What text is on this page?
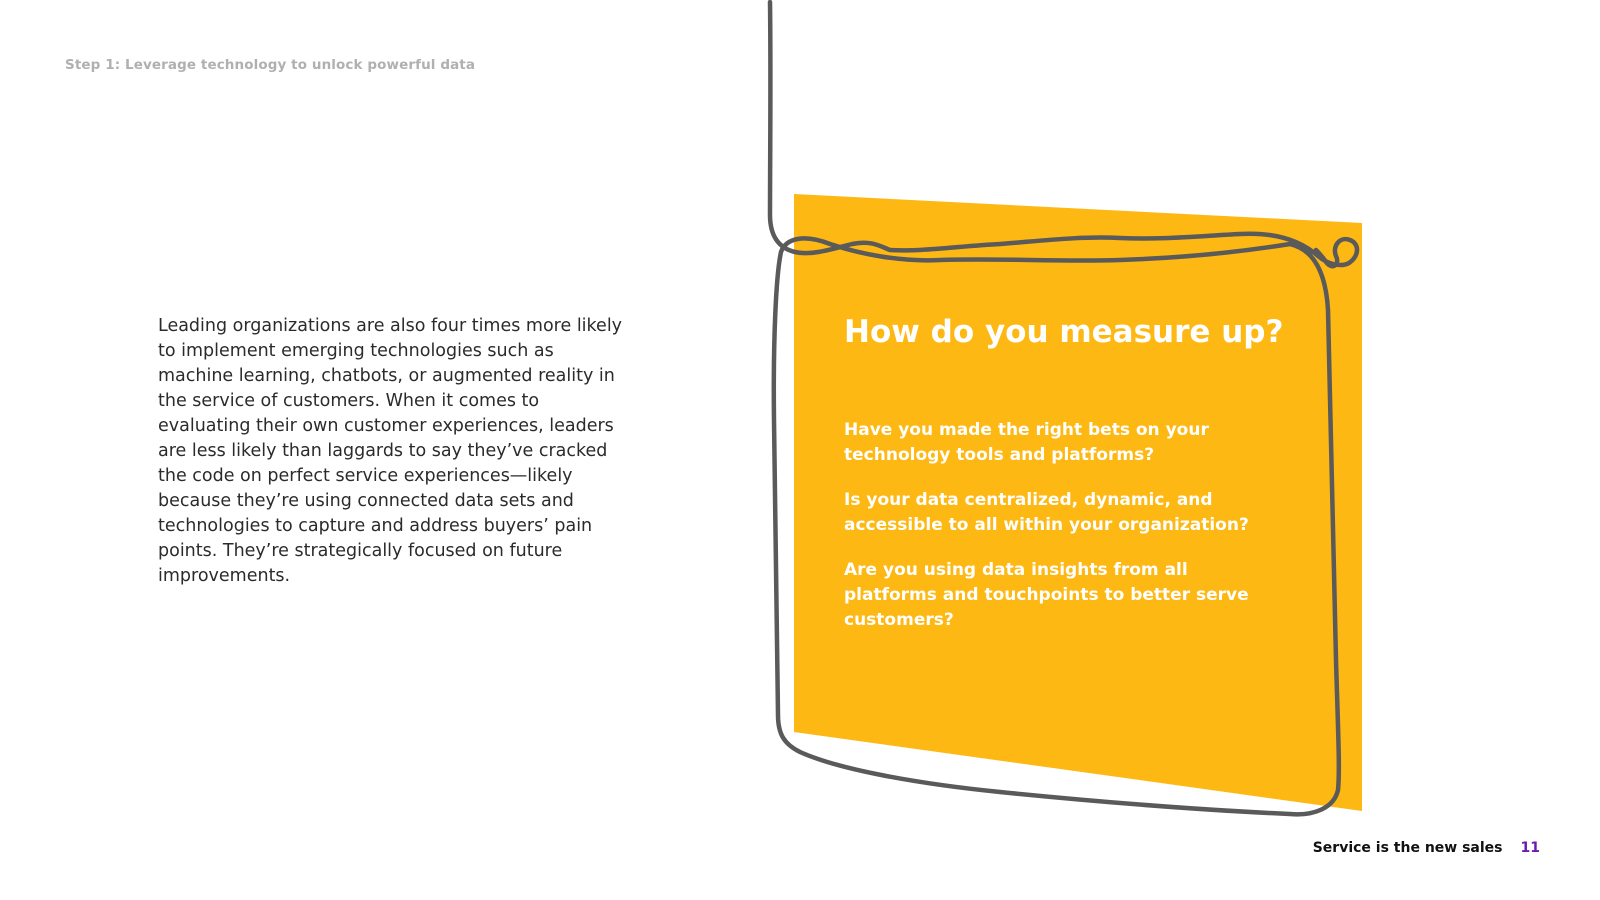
Step 1: Leverage technology to unlock powerful data

Leading organizations are also four times more likely to implement emerging technologies such as machine learning, chatbots, or augmented reality in the service of customers. When it comes to evaluating their own customer experiences, leaders are less likely than laggards to say they’ve cracked the code on perfect service experiences—likely because they’re using connected data sets and technologies to capture and address buyers’ pain points. They’re strategically focused on future improvements.

How do you measure up?
Have you made the right bets on your technology tools and platforms?
Is your data centralized, dynamic, and accessible to all within your organization?
Are you using data insights from all platforms and touchpoints to better serve customers?
Service is the new sales 11
